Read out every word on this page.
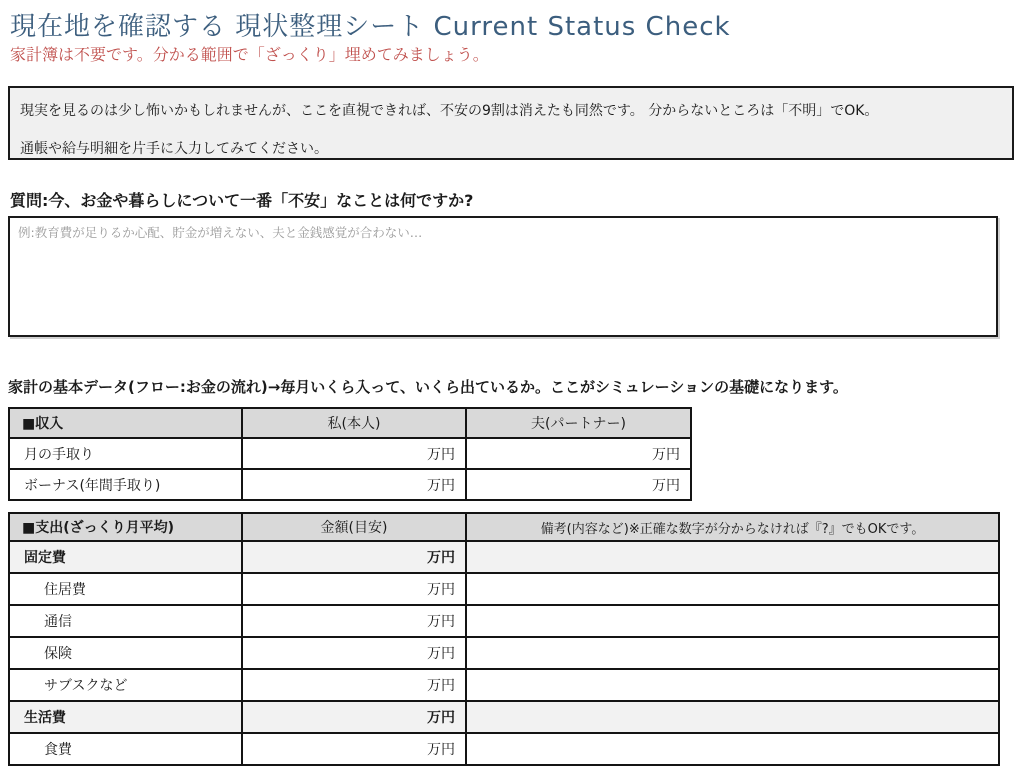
現在地を確認する 現状整理シート Current Status Check
家計簿は不要です。分かる範囲で「ざっくり」埋めてみましょう。
現実を見るのは少し怖いかもしれませんが、ここを直視できれば、不安の9割は消えたも同然です。 分からないところは「不明」でOK。
通帳や給与明細を片手に入力してみてください。
質問:今、お金や暮らしについて一番「不安」なことは何ですか?
例:教育費が足りるか心配、貯金が増えない、夫と金銭感覚が合わない…
家計の基本データ(フロー:お金の流れ)→毎月いくら入って、いくら出ているか。ここがシミュレーションの基礎になります。
■収入	私(本人)	夫(パートナー)
月の手取り	万円	万円
ボーナス(年間手取り)	万円	万円
■支出(ざっくり月平均)	金額(目安)	備考(内容など)※正確な数字が分からなければ『?』でもOKです。
固定費	万円	
住居費	万円	
通信	万円	
保険	万円	
サブスクなど	万円	
生活費	万円	
食費	万円	
